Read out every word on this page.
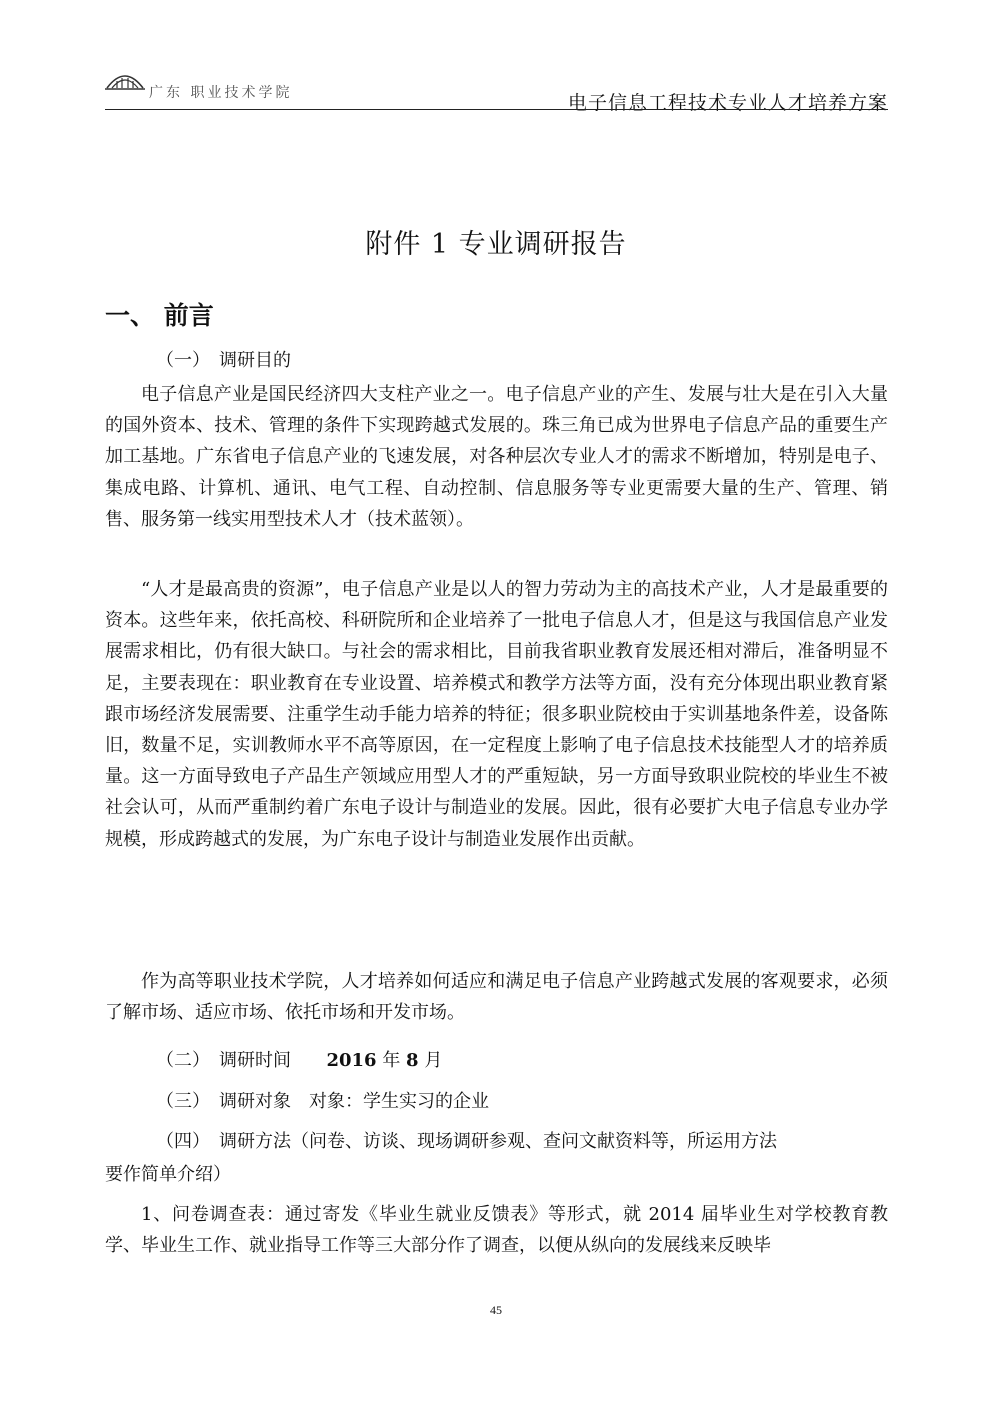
广东 职业技术学院	电子信息工程技术专业人才培养方案
附件 1 专业调研报告
一、 前言
（一）　调研目的
电子信息产业是国民经济四大支柱产业之一。电子信息产业的产生、发展与壮大是在引入大量的国外资本、技术、管理的条件下实现跨越式发展的。珠三角已成为世界电子信息产品的重要生产加工基地。广东省电子信息产业的飞速发展，对各种层次专业人才的需求不断增加，特别是电子、集成电路、计算机、通讯、电气工程、自动控制、信息服务等专业更需要大量的生产、管理、销售、服务第一线实用型技术人才（技术蓝领）。
“人才是最高贵的资源”，电子信息产业是以人的智力劳动为主的高技术产业，人才是最重要的资本。这些年来，依托高校、科研院所和企业培养了一批电子信息人才，但是这与我国信息产业发展需求相比，仍有很大缺口。与社会的需求相比，目前我省职业教育发展还相对滞后，准备明显不足，主要表现在：职业教育在专业设置、培养模式和教学方法等方面，没有充分体现出职业教育紧跟市场经济发展需要、注重学生动手能力培养的特征；很多职业院校由于实训基地条件差，设备陈旧，数量不足，实训教师水平不高等原因，在一定程度上影响了电子信息技术技能型人才的培养质量。这一方面导致电子产品生产领域应用型人才的严重短缺，另一方面导致职业院校的毕业生不被社会认可，从而严重制约着广东电子设计与制造业的发展。因此，很有必要扩大电子信息专业办学规模，形成跨越式的发展，为广东电子设计与制造业发展作出贡献。
作为高等职业技术学院，人才培养如何适应和满足电子信息产业跨越式发展的客观要求，必须了解市场、适应市场、依托市场和开发市场。
（二）　调研时间 2016 年 8 月
（三）　调研对象　对象：学生实习的企业
（四）　调研方法（问卷、访谈、现场调研参观、查问文献资料等，所运用方法
要作简单介绍）
1、问卷调查表：通过寄发《毕业生就业反馈表》等形式，就 2014 届毕业生对学校教育教学、毕业生工作、就业指导工作等三大部分作了调查，以便从纵向的发展线来反映毕
45
